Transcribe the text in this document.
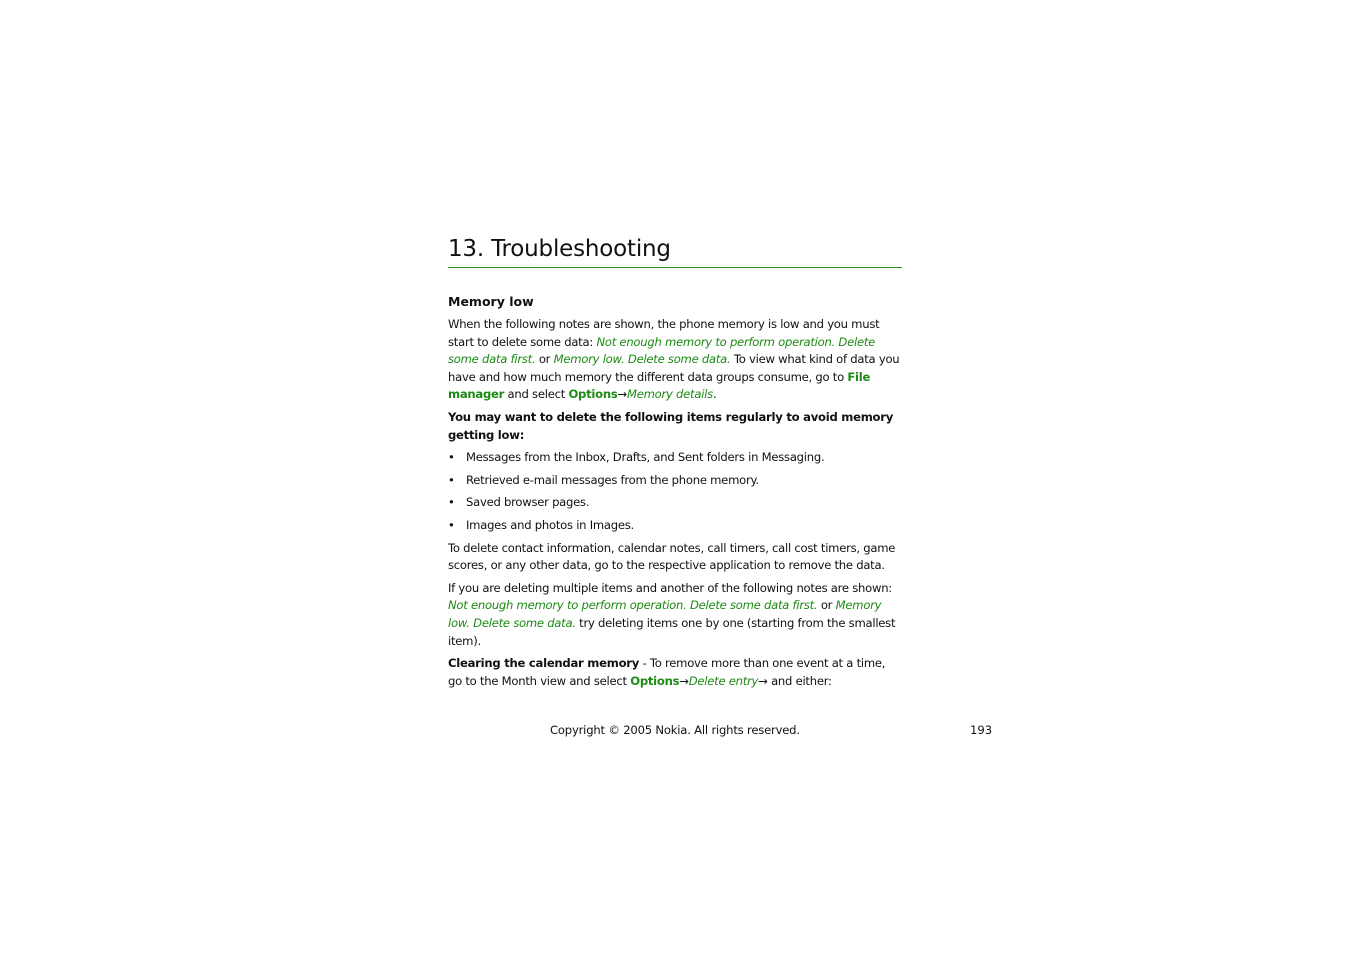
13. Troubleshooting
Memory low

When the following notes are shown, the phone memory is low and you must start to delete some data: Not enough memory to perform operation. Delete some data first. or Memory low. Delete some data. To view what kind of data you have and how much memory the different data groups consume, go to File manager and select Options→Memory details.

You may want to delete the following items regularly to avoid memory getting low:

• Messages from the Inbox, Drafts, and Sent folders in Messaging.
• Retrieved e-mail messages from the phone memory.
• Saved browser pages.
• Images and photos in Images.

To delete contact information, calendar notes, call timers, call cost timers, game scores, or any other data, go to the respective application to remove the data.

If you are deleting multiple items and another of the following notes are shown: Not enough memory to perform operation. Delete some data first. or Memory low. Delete some data. try deleting items one by one (starting from the smallest item).

Clearing the calendar memory - To remove more than one event at a time, go to the Month view and select Options→Delete entry→ and either:

Copyright © 2005 Nokia. All rights reserved.	193
